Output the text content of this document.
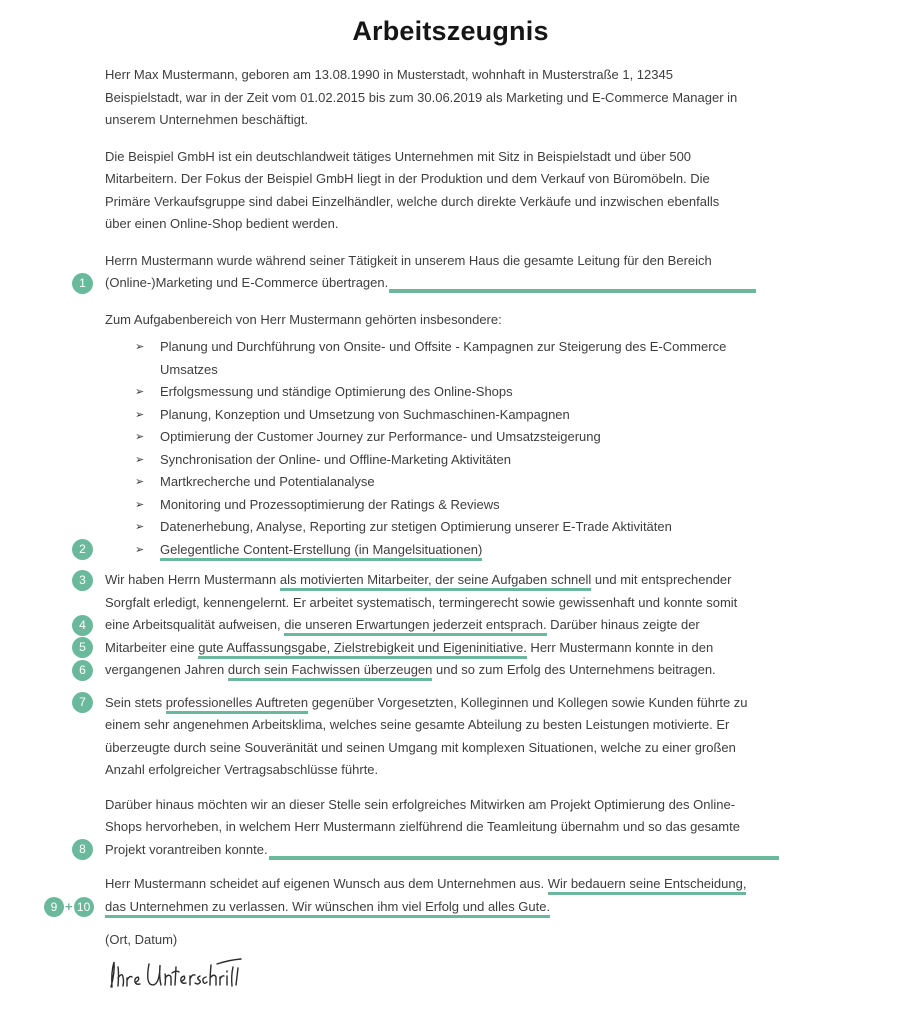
Arbeitszeugnis
Herr Max Mustermann, geboren am 13.08.1990 in Musterstadt, wohnhaft in Musterstraße 1, 12345
Beispielstadt, war in der Zeit vom 01.02.2015 bis zum 30.06.2019 als Marketing und E-Commerce Manager in
unserem Unternehmen beschäftigt.
Die Beispiel GmbH ist ein deutschlandweit tätiges Unternehmen mit Sitz in Beispielstadt und über 500
Mitarbeitern. Der Fokus der Beispiel GmbH liegt in der Produktion und dem Verkauf von Büromöbeln. Die
Primäre Verkaufsgruppe sind dabei Einzelhändler, welche durch direkte Verkäufe und inzwischen ebenfalls
über einen Online-Shop bedient werden.
Herrn Mustermann wurde während seiner Tätigkeit in unserem Haus die gesamte Leitung für den Bereich
(Online-)Marketing und E-Commerce übertragen.
1
Zum Aufgabenbereich von Herr Mustermann gehörten insbesondere:
➢ Planung und Durchführung von Onsite- und Offsite - Kampagnen zur Steigerung des E-Commerce
Umsatzes
➢ Erfolgsmessung und ständige Optimierung des Online-Shops
➢ Planung, Konzeption und Umsetzung von Suchmaschinen-Kampagnen
➢ Optimierung der Customer Journey zur Performance- und Umsatzsteigerung
➢ Synchronisation der Online- und Offline-Marketing Aktivitäten
➢ Martkrecherche und Potentialanalyse
➢ Monitoring und Prozessoptimierung der Ratings & Reviews
➢ Datenerhebung, Analyse, Reporting zur stetigen Optimierung unserer E-Trade Aktivitäten
➢ Gelegentliche Content-Erstellung (in Mangelsituationen)
2
Wir haben Herrn Mustermann als motivierten Mitarbeiter, der seine Aufgaben schnell und mit entsprechender
Sorgfalt erledigt, kennengelernt. Er arbeitet systematisch, termingerecht sowie gewissenhaft und konnte somit
eine Arbeitsqualität aufweisen, die unseren Erwartungen jederzeit entsprach. Darüber hinaus zeigte der
Mitarbeiter eine gute Auffassungsgabe, Zielstrebigkeit und Eigeninitiative. Herr Mustermann konnte in den
vergangenen Jahren durch sein Fachwissen überzeugen und so zum Erfolg des Unternehmens beitragen.
3
4
5
6
Sein stets professionelles Auftreten gegenüber Vorgesetzten, Kolleginnen und Kollegen sowie Kunden führte zu
einem sehr angenehmen Arbeitsklima, welches seine gesamte Abteilung zu besten Leistungen motivierte. Er
überzeugte durch seine Souveränität und seinen Umgang mit komplexen Situationen, welche zu einer großen
Anzahl erfolgreicher Vertragsabschlüsse führte.
7
Darüber hinaus möchten wir an dieser Stelle sein erfolgreiches Mitwirken am Projekt Optimierung des Online-
Shops hervorheben, in welchem Herr Mustermann zielführend die Teamleitung übernahm und so das gesamte
Projekt vorantreiben konnte.
8
Herr Mustermann scheidet auf eigenen Wunsch aus dem Unternehmen aus. Wir bedauern seine Entscheidung,
das Unternehmen zu verlassen. Wir wünschen ihm viel Erfolg und alles Gute.
9 + 10
(Ort, Datum)
